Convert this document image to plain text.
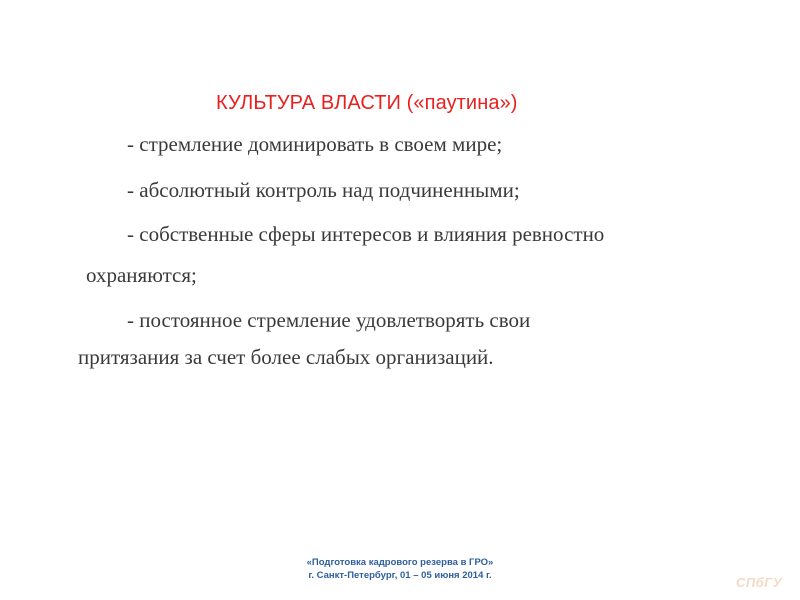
КУЛЬТУРА ВЛАСТИ («паутина»)
- стремление доминировать в своем мире;
- абсолютный контроль над подчиненными;
- собственные сферы интересов и влияния ревностно
охраняются;
- постоянное стремление удовлетворять свои
притязания за счет более слабых организаций.
«Подготовка кадрового резерва в ГРО»
г. Санкт-Петербург, 01 – 05 июня 2014 г.	СПбГУ
